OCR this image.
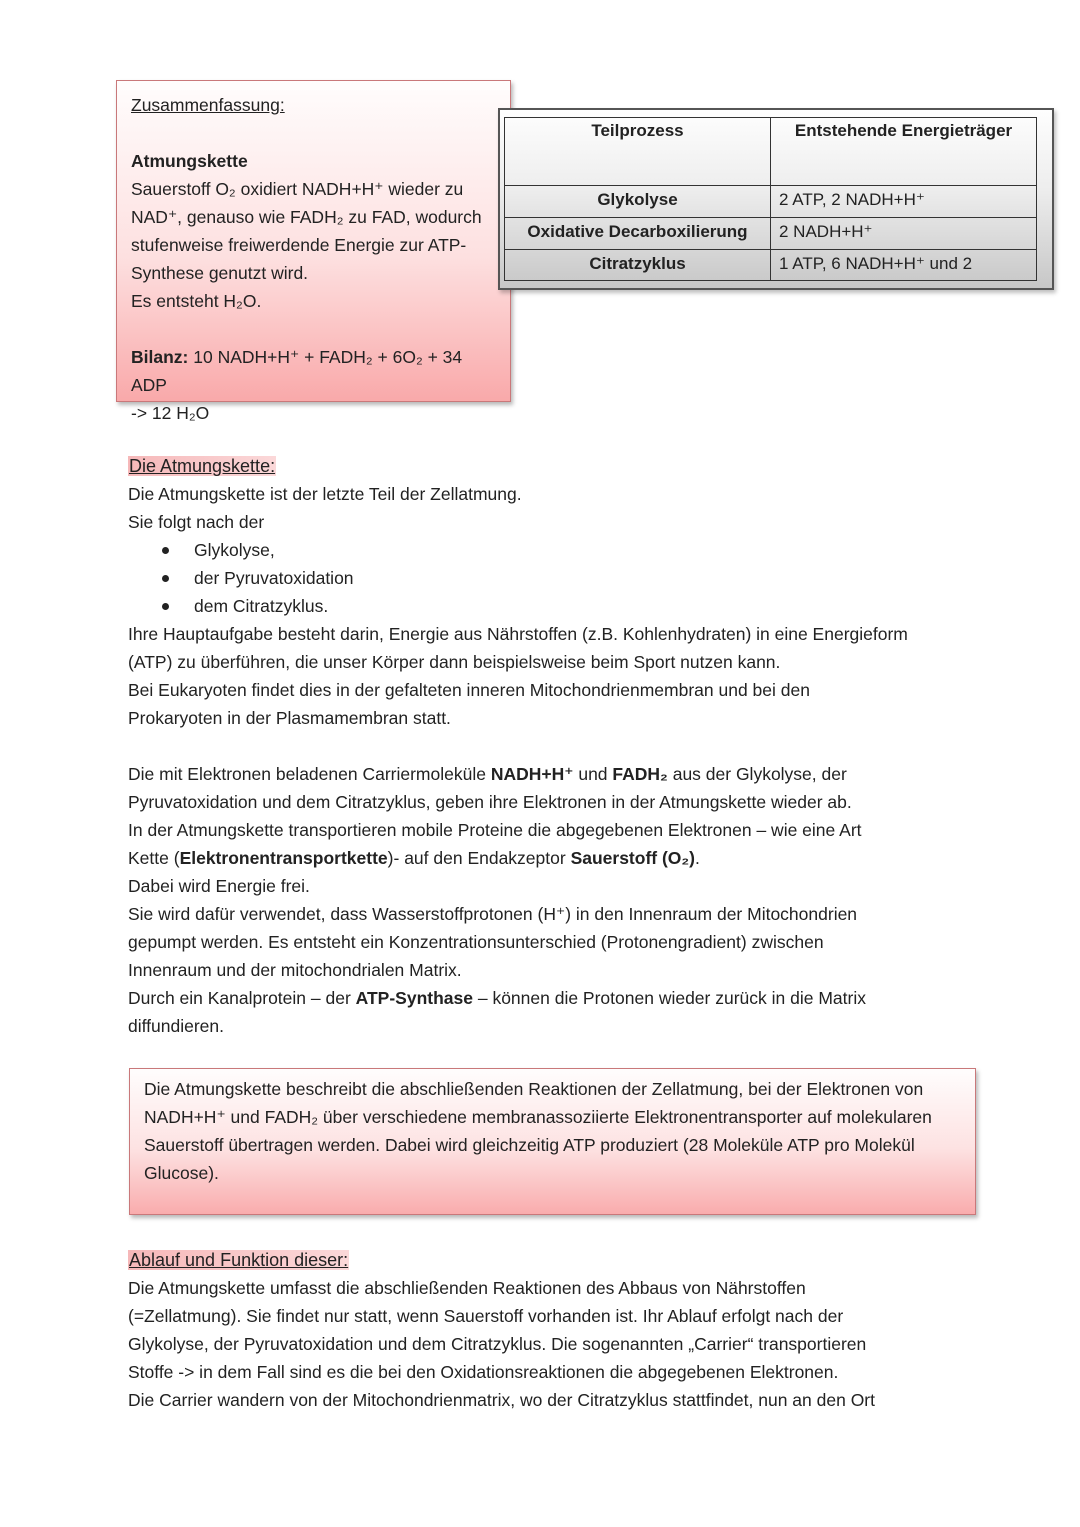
Zusammenfassung:

Atmungskette

Sauerstoff O₂ oxidiert NADH+H⁺ wieder zu

NAD⁺, genauso wie FADH₂ zu FAD, wodurch

stufenweise freiwerdende Energie zur ATP-

Synthese genutzt wird.

Es entsteht H₂O.

Bilanz: 10 NADH+H⁺ + FADH₂ + 6O₂ + 34 ADP

-> 12 H₂O

Teilprozess	Entstehende Energieträger
Glykolyse	2 ATP, 2 NADH+H⁺
Oxidative Decarboxilierung	2 NADH+H⁺
Citratzyklus	1 ATP, 6 NADH+H⁺ und 2

Die Atmungskette:

Die Atmungskette ist der letzte Teil der Zellatmung.

Sie folgt nach der

Glykolyse,
der Pyruvatoxidation
dem Citratzyklus.

Ihre Hauptaufgabe besteht darin, Energie aus Nährstoffen (z.B. Kohlenhydraten) in eine Energieform

(ATP) zu überführen, die unser Körper dann beispielsweise beim Sport nutzen kann.

Bei Eukaryoten findet dies in der gefalteten inneren Mitochondrienmembran und bei den

Prokaryoten in der Plasmamembran statt.

Die mit Elektronen beladenen Carriermoleküle NADH+H⁺ und FADH₂ aus der Glykolyse, der

Pyruvatoxidation und dem Citratzyklus, geben ihre Elektronen in der Atmungskette wieder ab.

In der Atmungskette transportieren mobile Proteine die abgegebenen Elektronen – wie eine Art

Kette (Elektronentransportkette)- auf den Endakzeptor Sauerstoff (O₂).

Dabei wird Energie frei.

Sie wird dafür verwendet, dass Wasserstoffprotonen (H⁺) in den Innenraum der Mitochondrien

gepumpt werden. Es entsteht ein Konzentrationsunterschied (Protonengradient) zwischen

Innenraum und der mitochondrialen Matrix.

Durch ein Kanalprotein – der ATP-Synthase – können die Protonen wieder zurück in die Matrix

diffundieren.

Die Atmungskette beschreibt die abschließenden Reaktionen der Zellatmung, bei der Elektronen von

NADH+H⁺ und FADH₂ über verschiedene membranassoziierte Elektronentransporter auf molekularen

Sauerstoff übertragen werden. Dabei wird gleichzeitig ATP produziert (28 Moleküle ATP pro Molekül

Glucose).

Ablauf und Funktion dieser:

Die Atmungskette umfasst die abschließenden Reaktionen des Abbaus von Nährstoffen

(=Zellatmung). Sie findet nur statt, wenn Sauerstoff vorhanden ist. Ihr Ablauf erfolgt nach der

Glykolyse, der Pyruvatoxidation und dem Citratzyklus. Die sogenannten „Carrier“ transportieren

Stoffe -> in dem Fall sind es die bei den Oxidationsreaktionen die abgegebenen Elektronen.

Die Carrier wandern von der Mitochondrienmatrix, wo der Citratzyklus stattfindet, nun an den Ort
